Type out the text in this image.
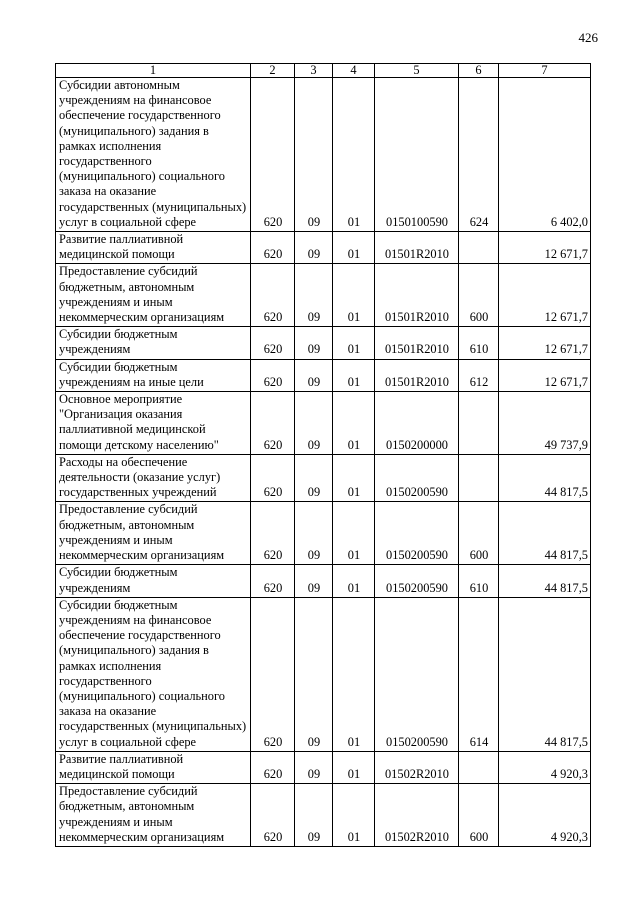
426
1	2	3	4	5	6	7
Субсидии автономным учреждениям на финансовое обеспечение государственного (муниципального) задания в рамках исполнения государственного (муниципального) социального заказа на оказание государственных (муниципальных) услуг в социальной сфере	620	09	01	0150100590	624	6 402,0
Развитие паллиативной медицинской помощи	620	09	01	01501R2010		12 671,7
Предоставление субсидий бюджетным, автономным учреждениям и иным некоммерческим организациям	620	09	01	01501R2010	600	12 671,7
Субсидии бюджетным учреждениям	620	09	01	01501R2010	610	12 671,7
Субсидии бюджетным учреждениям на иные цели	620	09	01	01501R2010	612	12 671,7
Основное мероприятие "Организация оказания паллиативной медицинской помощи детскому населению"	620	09	01	0150200000		49 737,9
Расходы на обеспечение деятельности (оказание услуг) государственных учреждений	620	09	01	0150200590		44 817,5
Предоставление субсидий бюджетным, автономным учреждениям и иным некоммерческим организациям	620	09	01	0150200590	600	44 817,5
Субсидии бюджетным учреждениям	620	09	01	0150200590	610	44 817,5
Субсидии бюджетным учреждениям на финансовое обеспечение государственного (муниципального) задания в рамках исполнения государственного (муниципального) социального заказа на оказание государственных (муниципальных) услуг в социальной сфере	620	09	01	0150200590	614	44 817,5
Развитие паллиативной медицинской помощи	620	09	01	01502R2010		4 920,3
Предоставление субсидий бюджетным, автономным учреждениям и иным некоммерческим организациям	620	09	01	01502R2010	600	4 920,3
